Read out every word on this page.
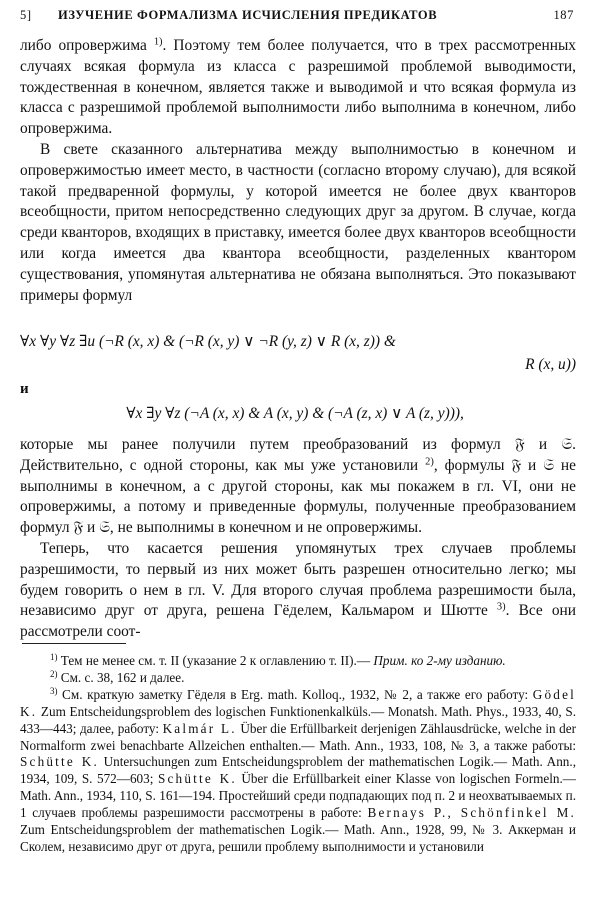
5] ИЗУЧЕНИЕ ФОРМАЛИЗМА ИСЧИСЛЕНИЯ ПРЕДИКАТОВ	187

либо опровержима $^{1)}$. Поэтому тем более получается, что в трех рассмотренных случаях всякая формула из класса с разрешимой проблемой выводимости, тождественная в конечном, является также и выводимой и что всякая формула из класса с разрешимой проблемой выполнимости либо выполнима в конечном, либо опровержима.

В свете сказанного альтернатива между выполнимостью в конечном и опровержимостью имеет место, в частности (согласно второму случаю), для всякой такой предваренной формулы, у которой имеется не более двух кванторов всеобщности, притом непосредственно следующих друг за другом. В случае, когда среди кванторов, входящих в приставку, имеется более двух кванторов всеобщности или когда имеется два квантора всеобщности, разделенных квантором существования, упомянутая альтернатива не обязана выполняться. Это показывают примеры формул

∀x ∀y ∀z ∃u (¬R (x, x) & (¬R (x, y) ∨ ¬R (y, z) ∨ R (x, z)) &
R (x, u))
и
∀x ∃y ∀z (¬A (x, x) & A (x, y) & (¬A (z, x) ∨ A (z, y))),

которые мы ранее получили путем преобразований из формул 𝔉 и 𝔖. Действительно, с одной стороны, как мы уже установили $^{2)}$, формулы 𝔉 и 𝔖 не выполнимы в конечном, а с другой стороны, как мы покажем в гл. VI, они не опровержимы, а потому и приведенные формулы, полученные преобразованием формул 𝔉 и 𝔖, не выполнимы в конечном и не опровержимы.

Теперь, что касается решения упомянутых трех случаев проблемы разрешимости, то первый из них может быть разрешен относительно легко; мы будем говорить о нем в гл. V. Для второго случая проблема разрешимости была, независимо друг от друга, решена Гёделем, Кальмаром и Шютте $^{3)}$. Все они рассмотрели соот-

$^{1)}$ Тем не менее см. т. II (указание 2 к оглавлению т. II).— Прим. ко 2-му изданию.

$^{2)}$ См. с. 38, 162 и далее.

$^{3)}$ См. краткую заметку Гёделя в Erg. math. Kolloq., 1932, № 2, а также его работу: Gödel K. Zum Entscheidungsproblem des logischen Funktionenkalküls.— Monatsh. Math. Phys., 1933, 40, S. 433—443; далее, работу: Kalmár L. Über die Erfüllbarkeit derjenigen Zählausdrücke, welche in der Normalform zwei benachbarte Allzeichen enthalten.— Math. Ann., 1933, 108, № 3, а также работы: Schütte K. Untersuchungen zum Entscheidungsproblem der mathematischen Logik.— Math. Ann., 1934, 109, S. 572—603; Schütte K. Über die Erfüllbarkeit einer Klasse von logischen Formeln.— Math. Ann., 1934, 110, S. 161—194. Простейший среди подпадающих под п. 2 и неохватываемых п. 1 случаев проблемы разрешимости рассмотрены в работе: Bernays P., Schönfinkel M. Zum Entscheidungsproblem der mathematischen Logik.— Math. Ann., 1928, 99, № 3. Аккерман и Сколем, независимо друг от друга, решили проблему выполнимости и установили
